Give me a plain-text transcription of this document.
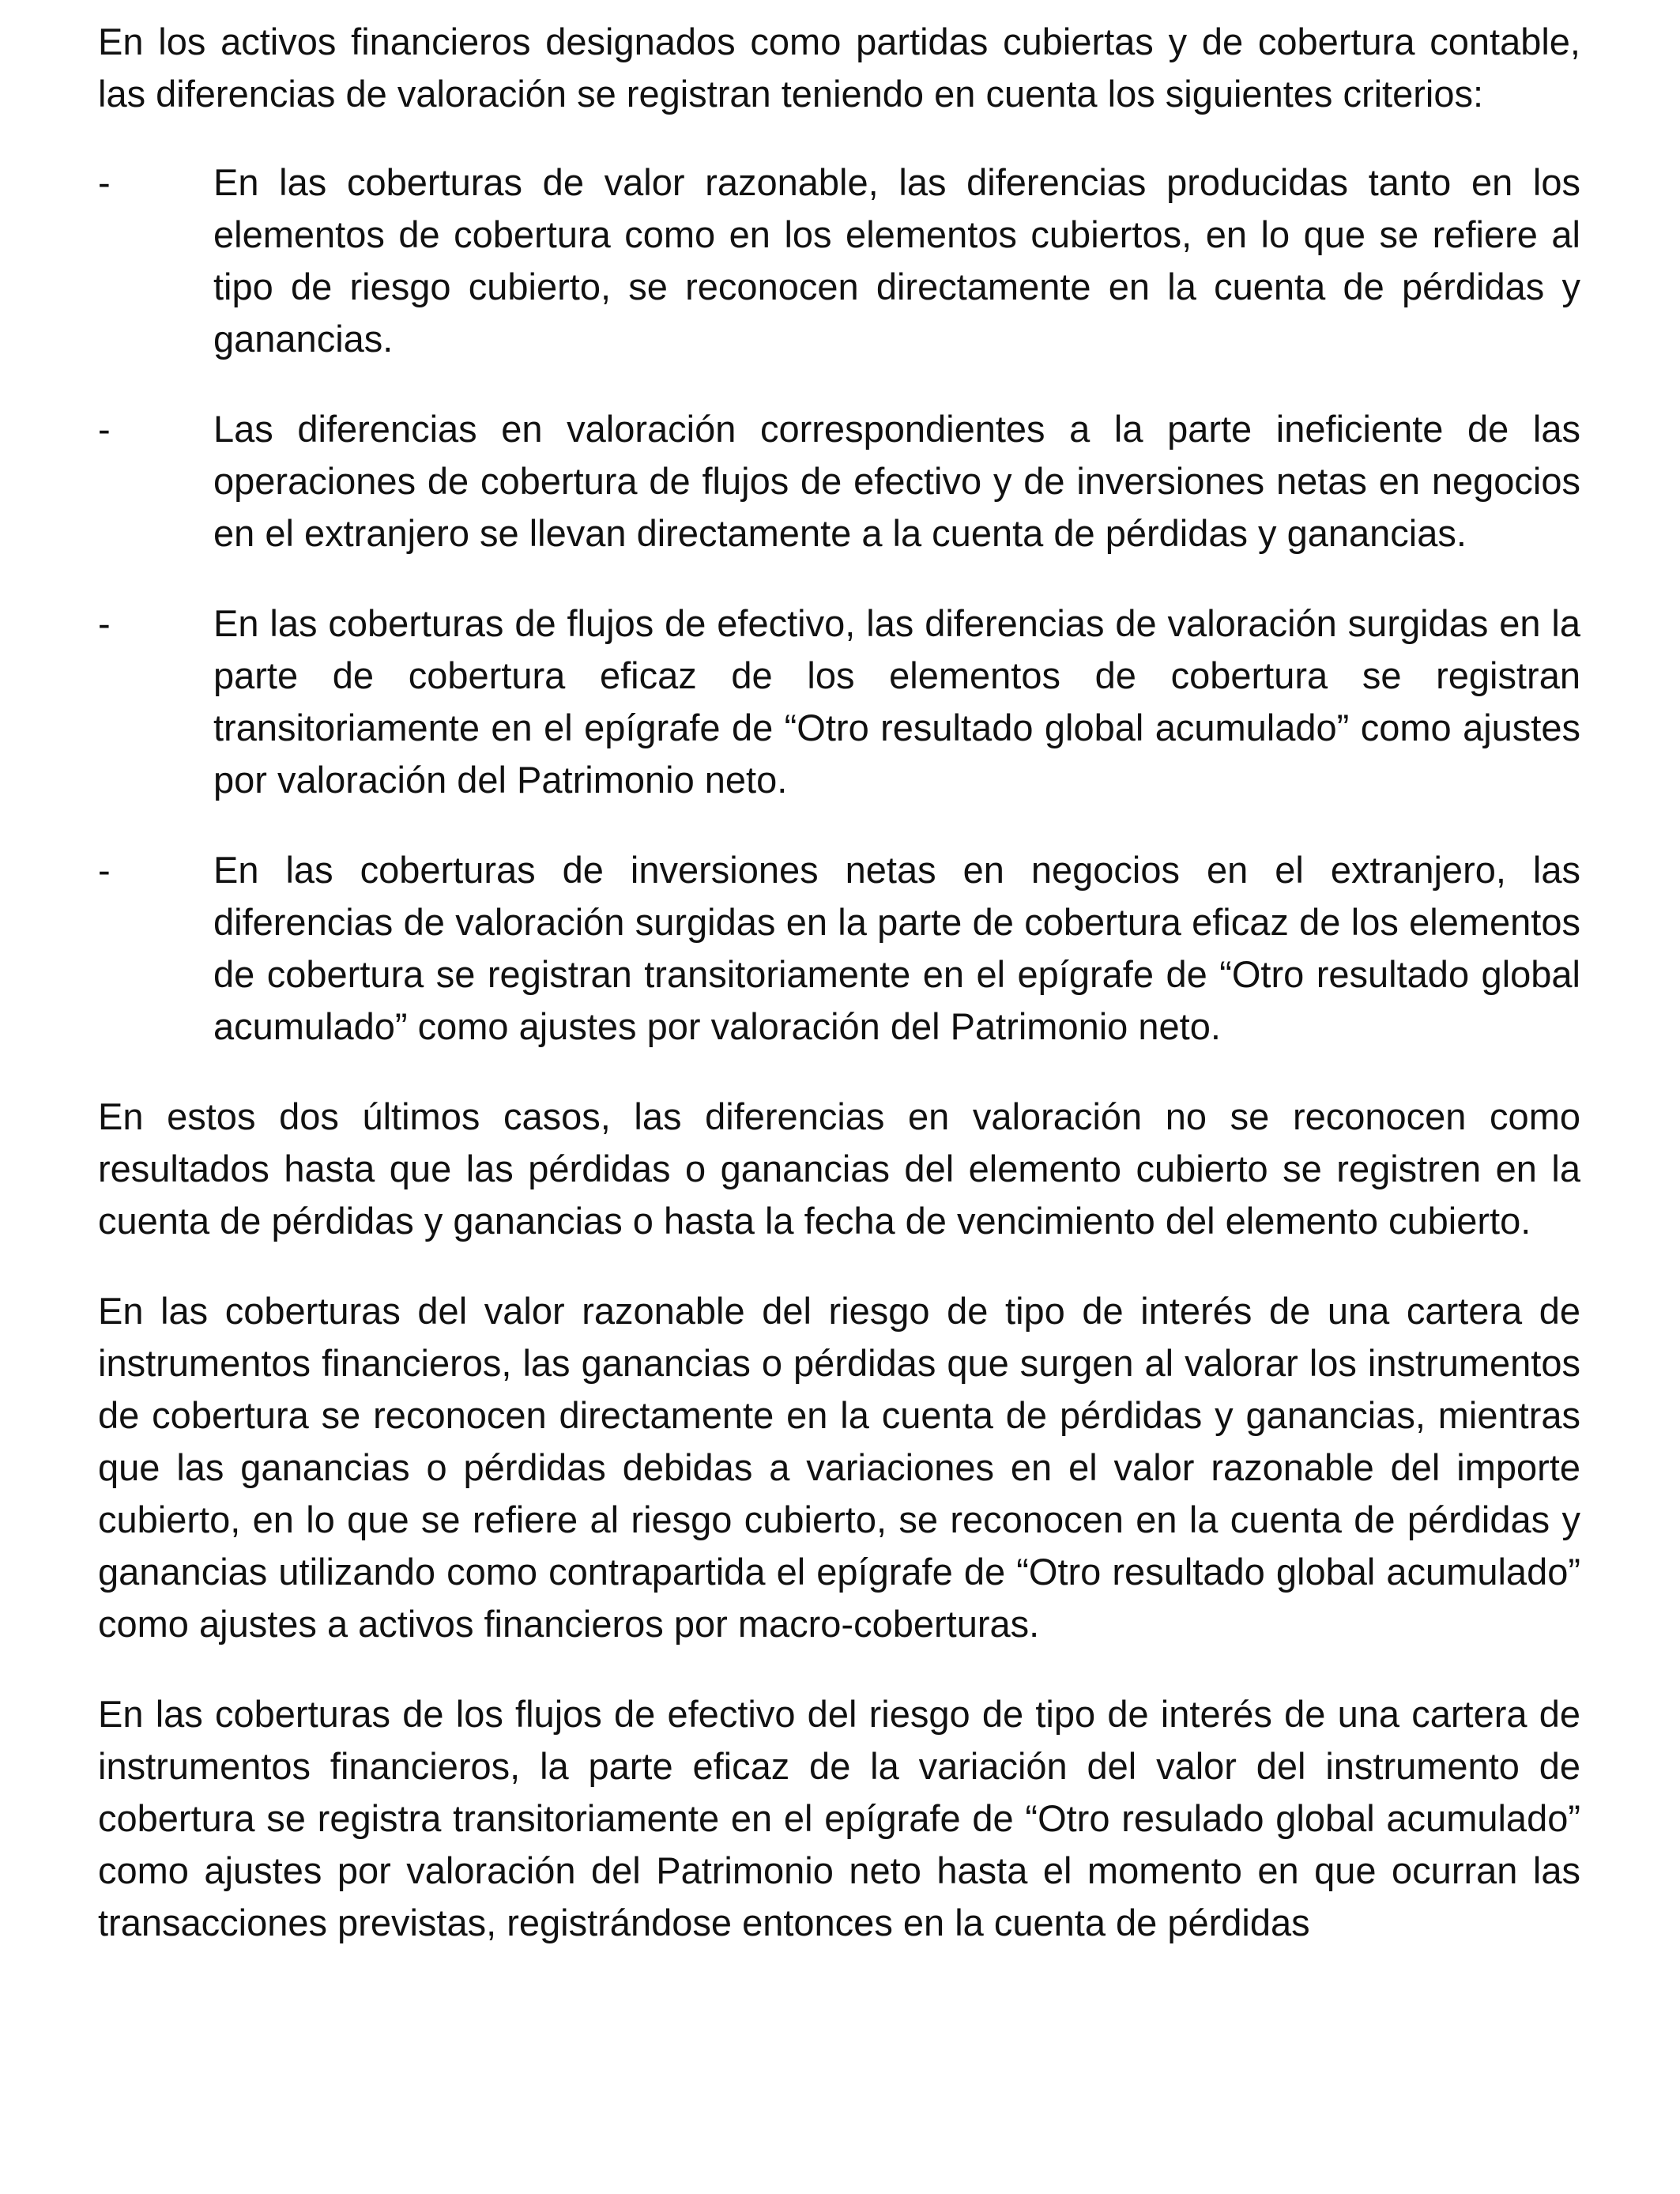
En los activos financieros designados como partidas cubiertas y de cobertura contable, las diferencias de valoración se registran teniendo en cuenta los siguientes criterios:

-	En las coberturas de valor razonable, las diferencias producidas tanto en los elementos de cobertura como en los elementos cubiertos, en lo que se refiere al tipo de riesgo cubierto, se reconocen directamente en la cuenta de pérdidas y ganancias.
-	Las diferencias en valoración correspondientes a la parte ineficiente de las operaciones de cobertura de flujos de efectivo y de inversiones netas en negocios en el extranjero se llevan directamente a la cuenta de pérdidas y ganancias.
-	En las coberturas de flujos de efectivo, las diferencias de valoración surgidas en la parte de cobertura eficaz de los elementos de cobertura se registran transitoriamente en el epígrafe de “Otro resultado global acumulado” como ajustes por valoración del Patrimonio neto.
-	En las coberturas de inversiones netas en negocios en el extranjero, las diferencias de valoración surgidas en la parte de cobertura eficaz de los elementos de cobertura se registran transitoriamente en el epígrafe de “Otro resultado global acumulado” como ajustes por valoración del Patrimonio neto.

En estos dos últimos casos, las diferencias en valoración no se reconocen como resultados hasta que las pérdidas o ganancias del elemento cubierto se registren en la cuenta de pérdidas y ganancias o hasta la fecha de vencimiento del elemento cubierto.

En las coberturas del valor razonable del riesgo de tipo de interés de una cartera de instrumentos financieros, las ganancias o pérdidas que surgen al valorar los instrumentos de cobertura se reconocen directamente en la cuenta de pérdidas y ganancias, mientras que las ganancias o pérdidas debidas a variaciones en el valor razonable del importe cubierto, en lo que se refiere al riesgo cubierto, se reconocen en la cuenta de pérdidas y ganancias utilizando como contrapartida el epígrafe de “Otro resultado global acumulado” como ajustes a activos financieros por macro-coberturas.

En las coberturas de los flujos de efectivo del riesgo de tipo de interés de una cartera de instrumentos financieros, la parte eficaz de la variación del valor del instrumento de cobertura se registra transitoriamente en el epígrafe de “Otro resulado global acumulado” como ajustes por valoración del Patrimonio neto hasta el momento en que ocurran las transacciones previstas, registrándose entonces en la cuenta de pérdidas
